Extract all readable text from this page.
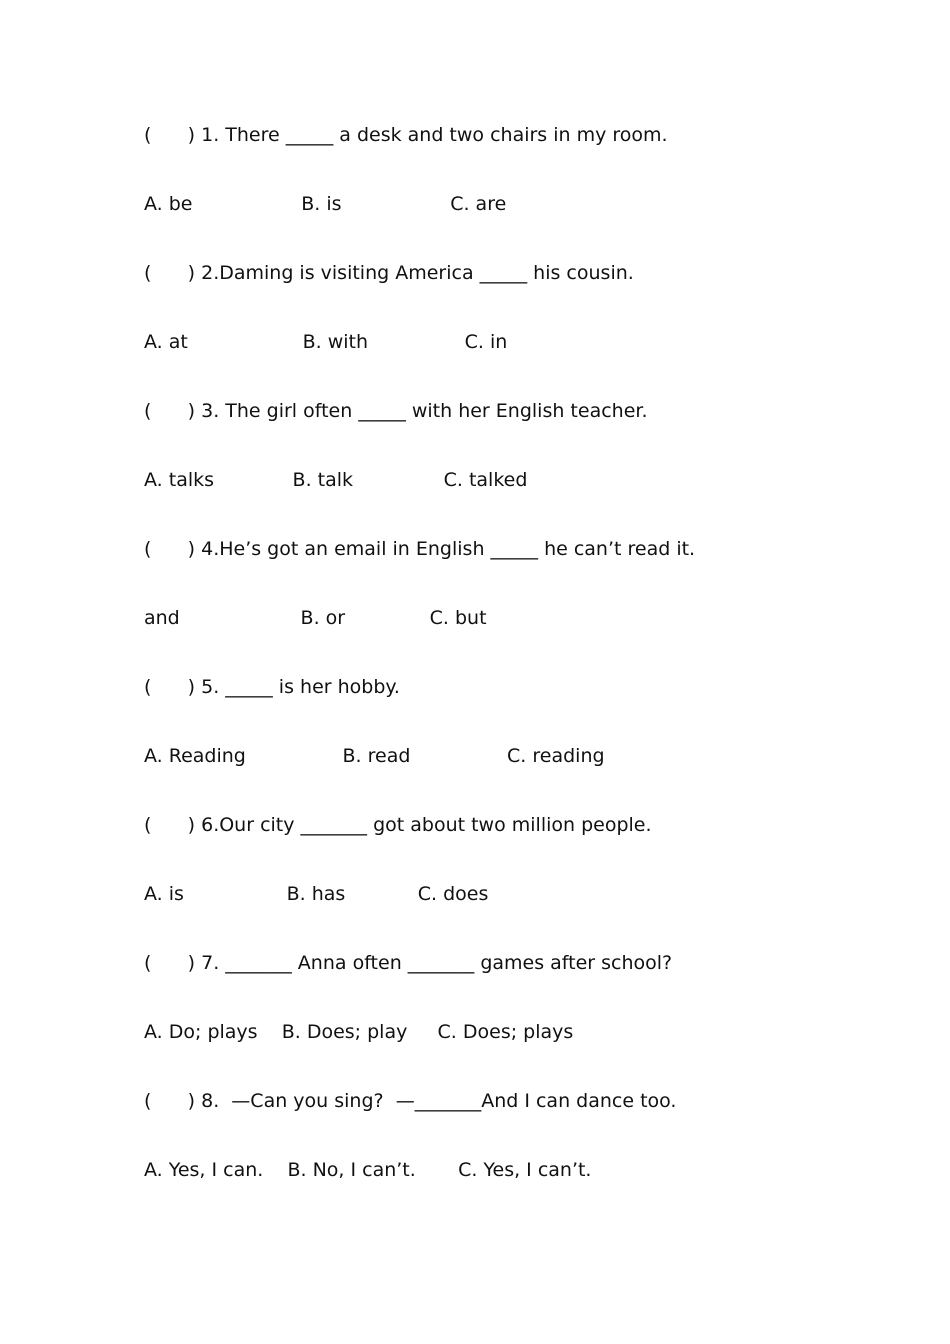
(      ) 1. There _____ a desk and two chairs in my room.
A. be                  B. is                  C. are
(      ) 2.Daming is visiting America _____ his cousin.
A. at                   B. with                C. in
(      ) 3. The girl often _____ with her English teacher.
A. talks             B. talk               C. talked
(      ) 4.He’s got an email in English _____ he can’t read it.
and                    B. or              C. but
(      ) 5. _____ is her hobby.
A. Reading                B. read                C. reading
(      ) 6.Our city _______ got about two million people.
A. is                 B. has            C. does
(      ) 7. _______ Anna often _______ games after school?
A. Do; plays    B. Does; play     C. Does; plays
(      ) 8.  —Can you sing?  —_______And I can dance too.
A. Yes, I can.    B. No, I can’t.       C. Yes, I can’t.
